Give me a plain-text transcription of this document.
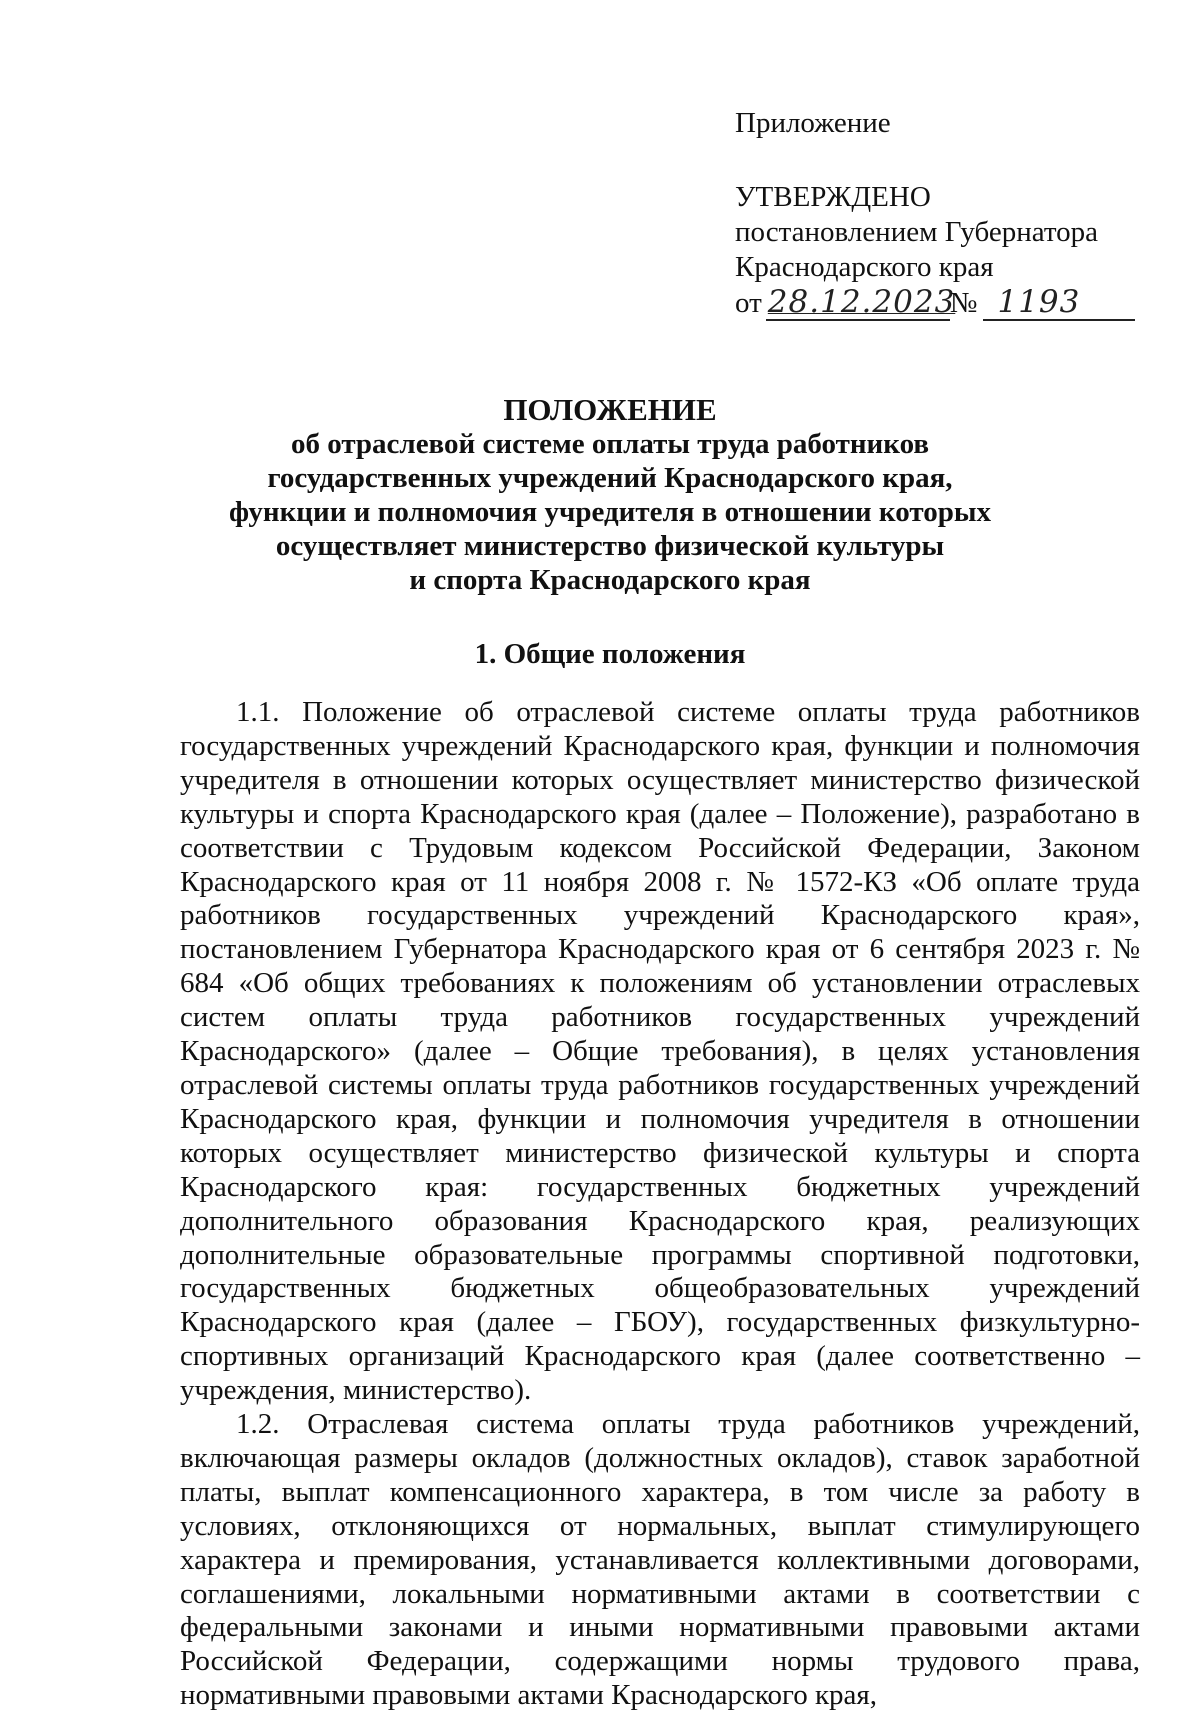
Приложение
УТВЕРЖДЕНО
постановлением Губернатора
Краснодарского края
от 28.12.2023
№ 1193
ПОЛОЖЕНИЕ
об отраслевой системе оплаты труда работников
государственных учреждений Краснодарского края,
функции и полномочия учредителя в отношении которых
осуществляет министерство физической культуры
и спорта Краснодарского края
1. Общие положения

1.1. Положение об отраслевой системе оплаты труда работников государственных учреждений Краснодарского края, функции и полномочия учредителя в отношении которых осуществляет министерство физической культуры и спорта Краснодарского края (далее – Положение), разработано в соответствии с Трудовым кодексом Российской Федерации, Законом Краснодарского края от 11 ноября 2008 г. № 1572-КЗ «Об оплате труда работников государственных учреждений Краснодарского края», постановлением Губернатора Краснодарского края от 6 сентября 2023 г. № 684 «Об общих требованиях к положениям об установлении отраслевых систем оплаты труда работников государственных учреждений Краснодарского» (далее – Общие требования), в целях установления отраслевой системы оплаты труда работников государственных учреждений Краснодарского края, функции и полномочия учредителя в отношении которых осуществляет министерство физической культуры и спорта Краснодарского края: государственных бюджетных учреждений дополнительного образования Краснодарского края, реализующих дополнительные образовательные программы спортивной подготовки, государственных бюджетных общеобразовательных учреждений Краснодарского края (далее – ГБОУ), государственных физкультурно-спортивных организаций Краснодарского края (далее соответственно – учреждения, министерство).

1.2. Отраслевая система оплаты труда работников учреждений, включающая размеры окладов (должностных окладов), ставок заработной платы, выплат компенсационного характера, в том числе за работу в условиях, отклоняющихся от нормальных, выплат стимулирующего характера и премирования, устанавливается коллективными договорами, соглашениями, локальными нормативными актами в соответствии с федеральными законами и иными нормативными правовыми актами Российской Федерации, содержащими нормы трудового права, нормативными правовыми актами Краснодарского края,
